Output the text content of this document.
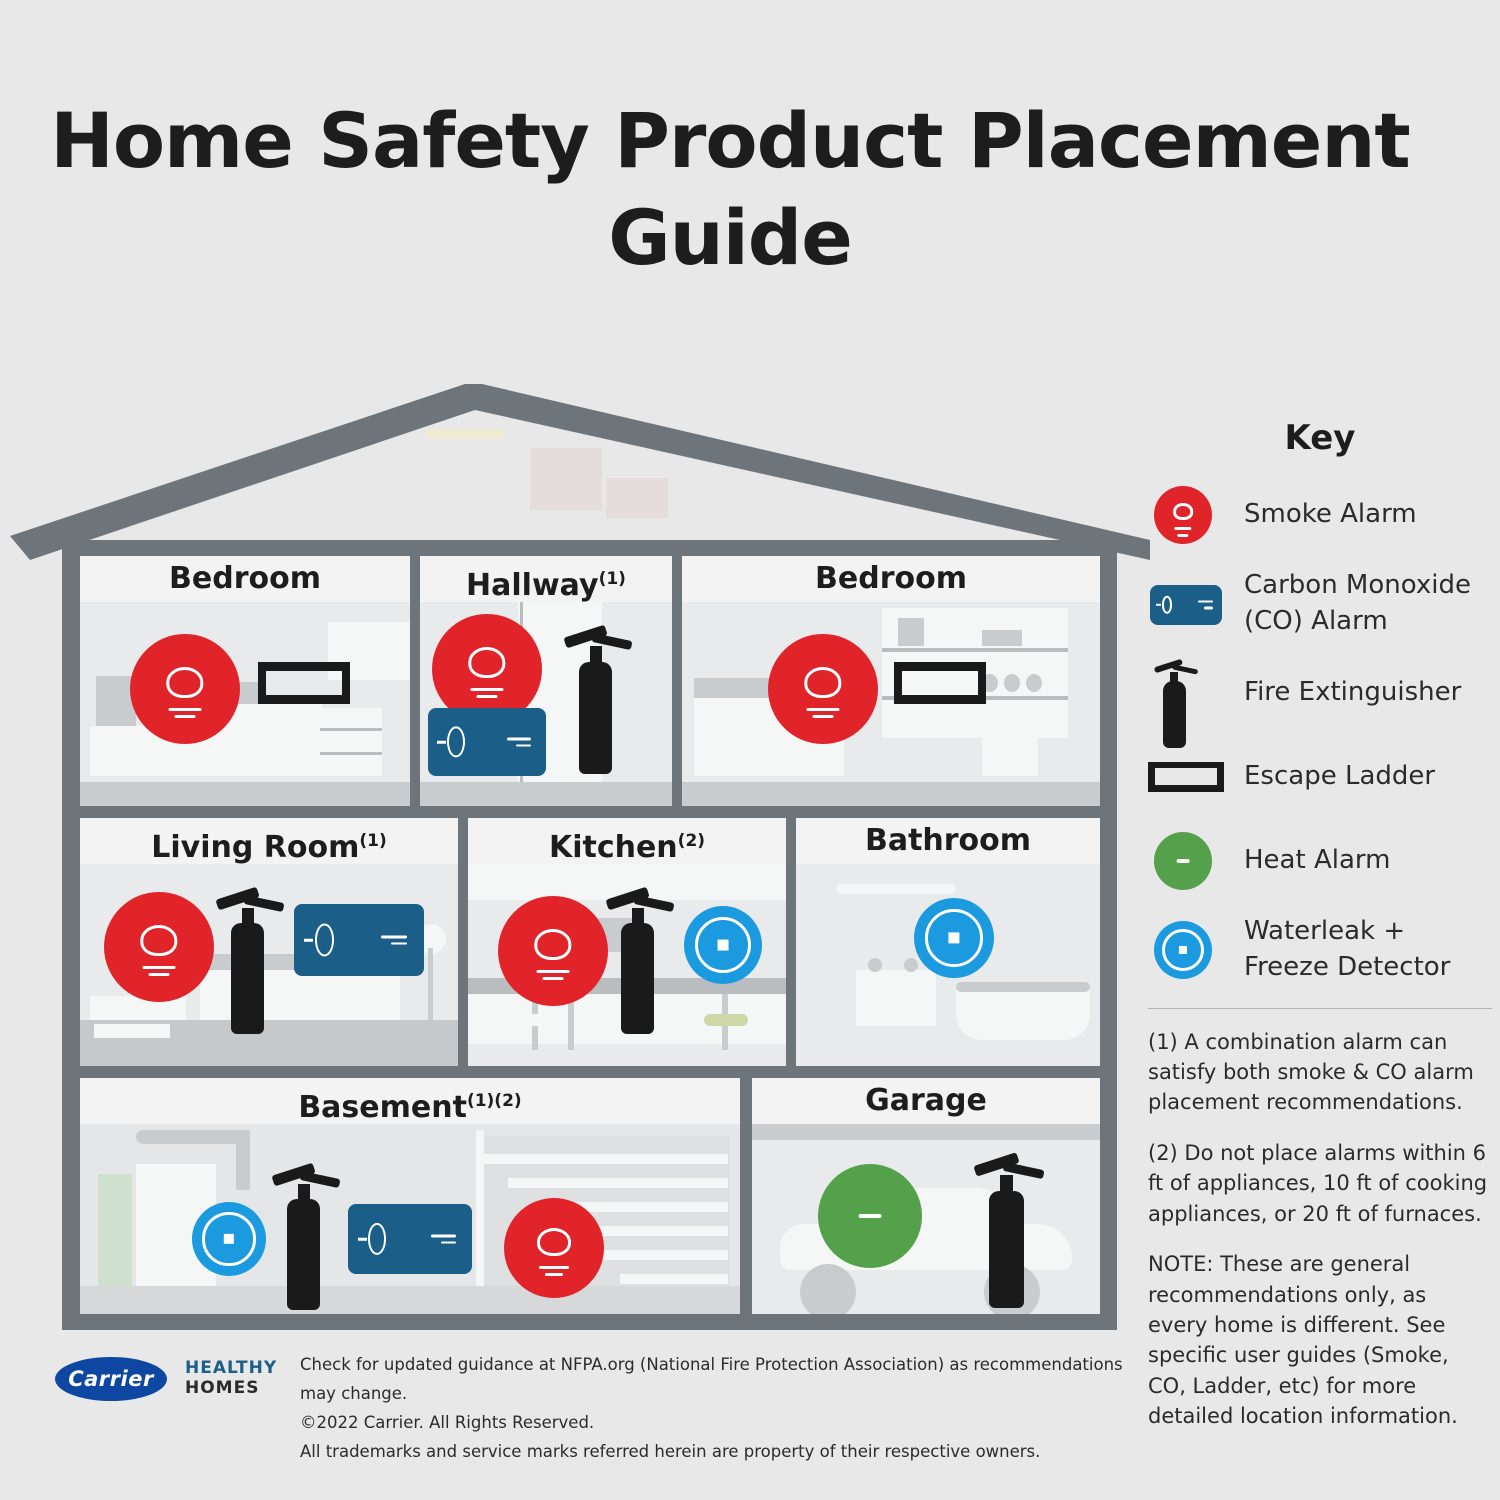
Home Safety Product Placement Guide
Bedroom	Hallway$^{(1)}$	Bedroom
Living Room$^{(1)}$	Kitchen$^{(2)}$	Bathroom
Basement$^{(1)(2)}$	Garage
Key
Smoke Alarm
Carbon Monoxide (CO) Alarm
Fire Extinguisher
Escape Ladder
Heat Alarm
Waterleak + Freeze Detector
(1) A combination alarm can satisfy both smoke & CO alarm placement recommendations.
(2) Do not place alarms within 6 ft of appliances, 10 ft of cooking appliances, or 20 ft of furnaces.
NOTE: These are general recommendations only, as every home is different. See specific user guides (Smoke, CO, Ladder, etc) for more detailed location information.
Carrier	HEALTHY
HOMES
Check for updated guidance at NFPA.org (National Fire Protection Association) as recommendations may change.
©2022 Carrier. All Rights Reserved.
All trademarks and service marks referred herein are property of their respective owners.
